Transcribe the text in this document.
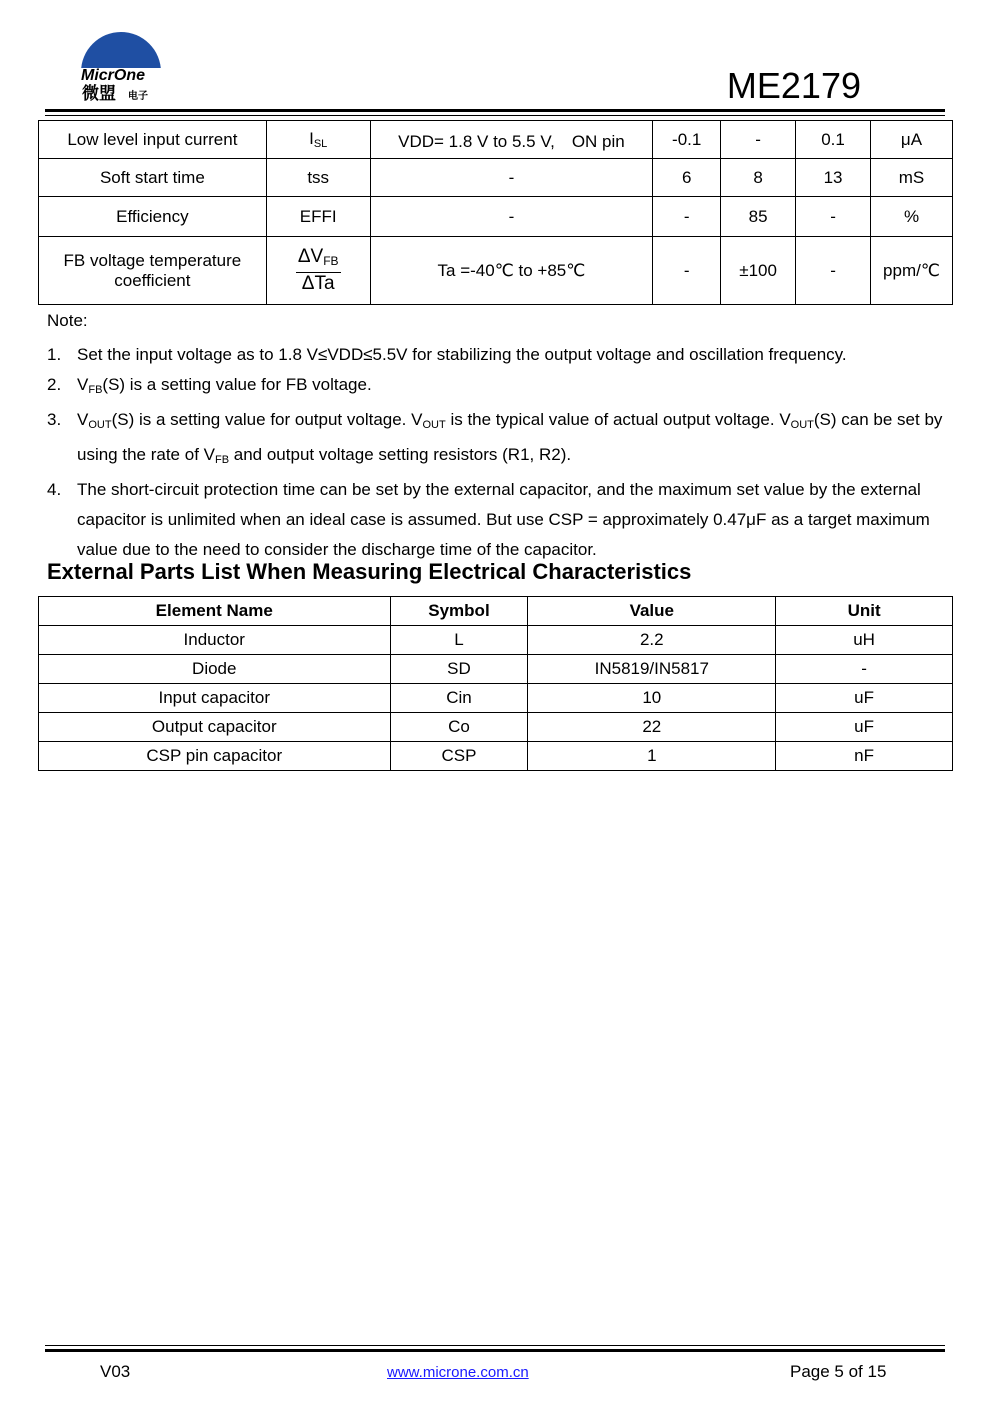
MicrOne
微盟 电子	ME2179
Low level input current	$I_{SL}$	VDD= 1.8 V to 5.5 V,　ON pin	-0.1	-	0.1	μA
Soft start time	tss	-	6	8	13	mS
Efficiency	EFFI	-	-	85	-	%
FB voltage temperature coefficient	$\frac{\Delta V_{FB}}{\text{ΔTa}}$	Ta =-40℃ to +85℃	-	±100	-	ppm/℃
Note:
1. Set the input voltage as to 1.8 V≤VDD≤5.5V for stabilizing the output voltage and oscillation frequency.
2. VFB(S) is a setting value for FB voltage.
3. VOUT(S) is a setting value for output voltage. VOUT is the typical value of actual output voltage. VOUT(S) can be set by using the rate of VFB and output voltage setting resistors (R1, R2).
4. The short-circuit protection time can be set by the external capacitor, and the maximum set value by the external capacitor is unlimited when an ideal case is assumed. But use CSP = approximately 0.47μF as a target maximum value due to the need to consider the discharge time of the capacitor.
External Parts List When Measuring Electrical Characteristics
Element Name	Symbol	Value	Unit
Inductor	L	2.2	uH
Diode	SD	IN5819/IN5817	-
Input capacitor	Cin	10	uF
Output capacitor	Co	22	uF
CSP pin capacitor	CSP	1	nF
V03	www.microne.com.cn	Page 5 of 15
